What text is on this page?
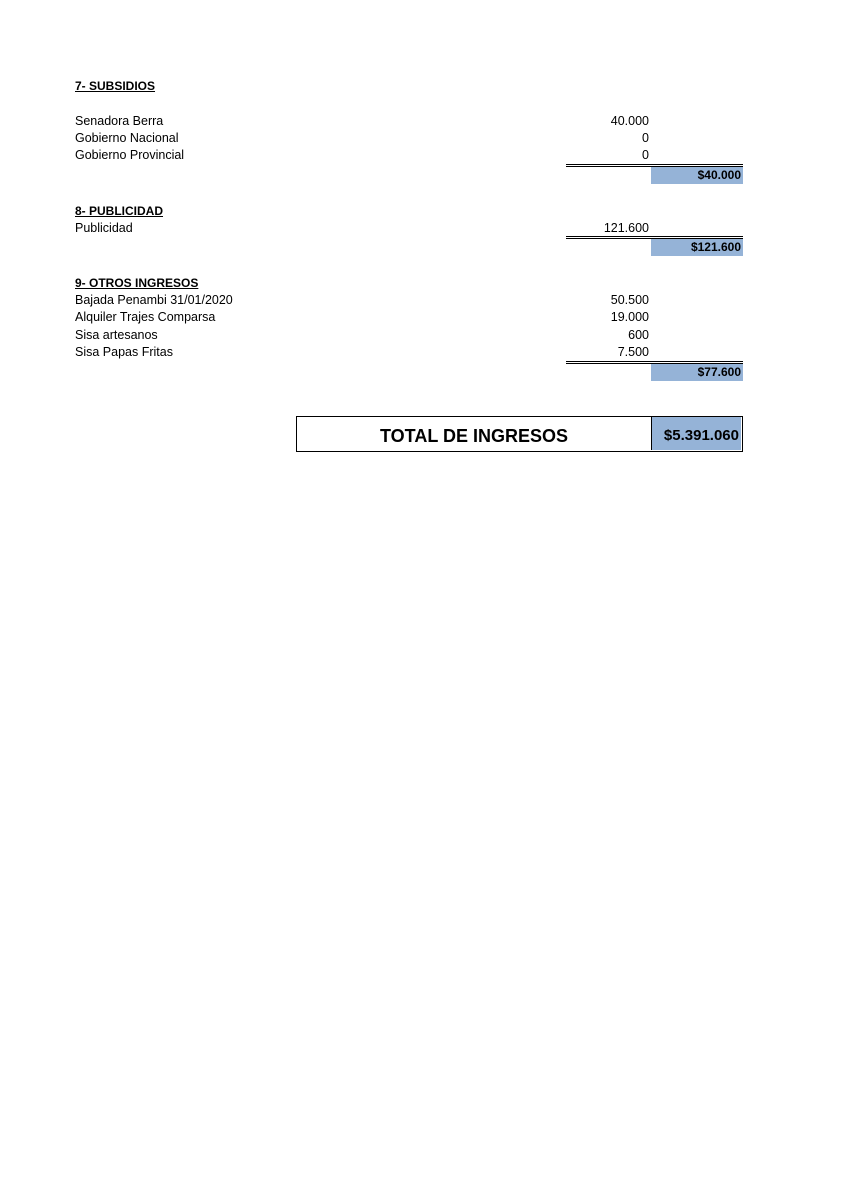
7- SUBSIDIOS
Senadora Berra	40.000
Gobierno Nacional	0
Gobierno Provincial	0
$40.000
8- PUBLICIDAD
Publicidad	121.600
$121.600
9- OTROS INGRESOS
Bajada Penambi 31/01/2020	50.500
Alquiler Trajes Comparsa	19.000
Sisa artesanos	600
Sisa Papas Fritas	7.500
$77.600
TOTAL DE INGRESOS	$5.391.060
